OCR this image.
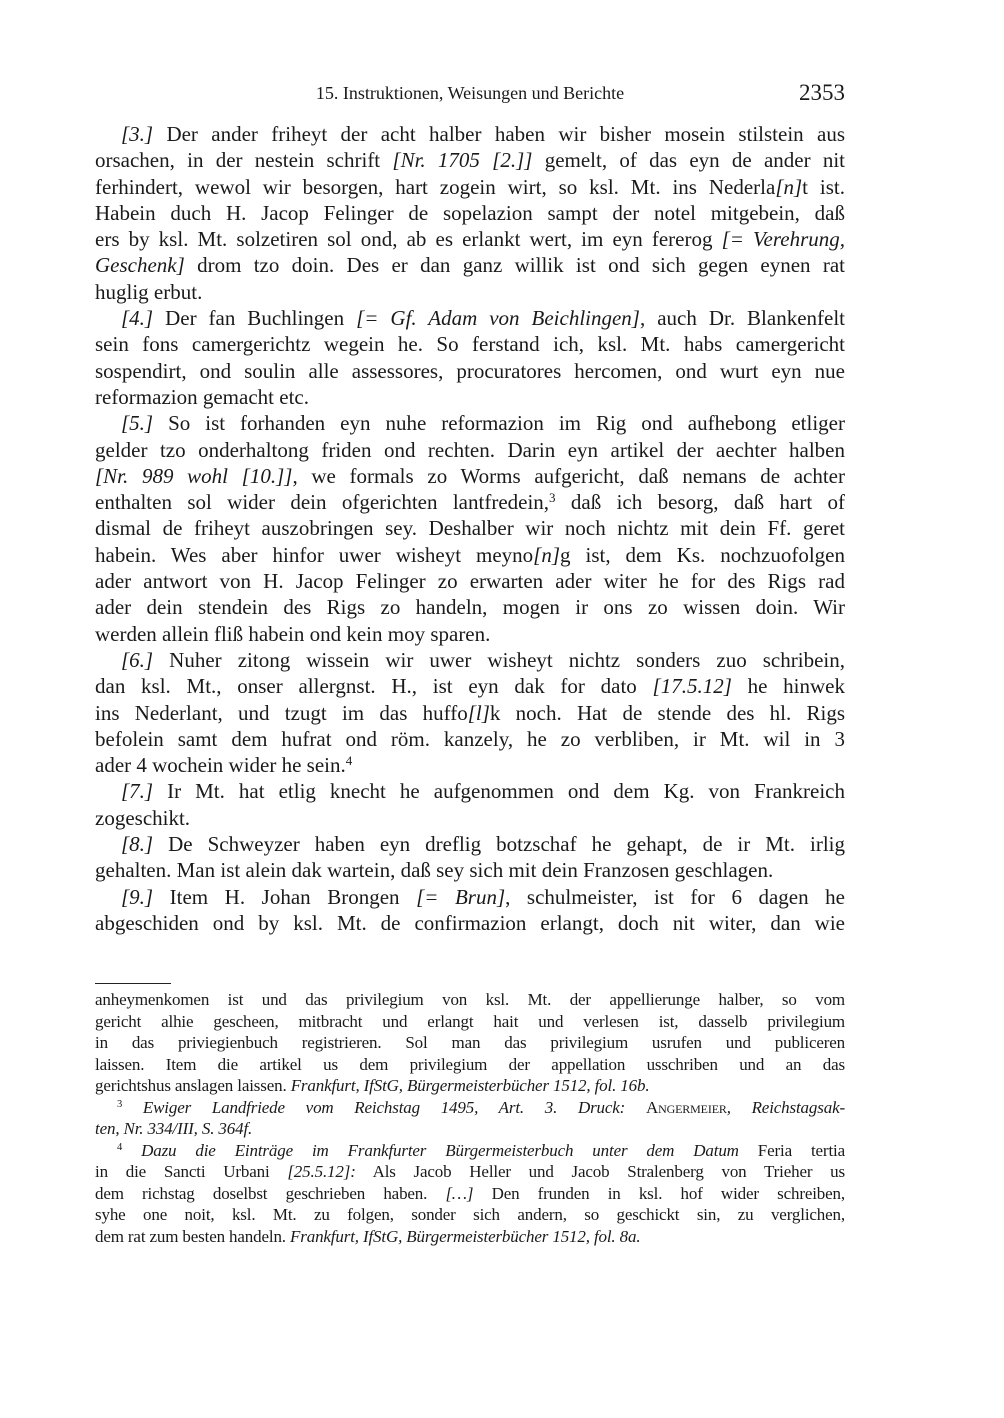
15. Instruktionen, Weisungen und Berichte	2353
[3.] Der ander friheyt der acht halber haben wir bisher mosein stilstein aus
orsachen, in der nestein schrift [Nr. 1705 [2.]] gemelt, of das eyn de ander nit
ferhindert, wewol wir besorgen, hart zogein wirt, so ksl. Mt. ins Nederla[n]t ist.
Habein duch H. Jacop Felinger de sopelazion sampt der notel mitgebein, daß
ers by ksl. Mt. solzetiren sol ond, ab es erlankt wert, im eyn fererog [= Verehrung,
Geschenk] drom tzo doin. Des er dan ganz willik ist ond sich gegen eynen rat
huglig erbut.
[4.] Der fan Buchlingen [= Gf. Adam von Beichlingen], auch Dr. Blankenfelt
sein fons camergerichtz wegein he. So ferstand ich, ksl. Mt. habs camergericht
sospendirt, ond soulin alle assessores, procuratores hercomen, ond wurt eyn nue
reformazion gemacht etc.
[5.] So ist forhanden eyn nuhe reformazion im Rig ond aufhebong etliger
gelder tzo onderhaltong friden ond rechten. Darin eyn artikel der aechter halben
[Nr. 989 wohl [10.]], we formals zo Worms aufgericht, daß nemans de achter
enthalten sol wider dein ofgerichten lantfredein,$^3$ daß ich besorg, daß hart of
dismal de friheyt auszobringen sey. Deshalber wir noch nichtz mit dein Ff. geret
habein. Wes aber hinfor uwer wisheyt meyno[n]g ist, dem Ks. nochzuofolgen
ader antwort von H. Jacop Felinger zo erwarten ader witer he for des Rigs rad
ader dein stendein des Rigs zo handeln, mogen ir ons zo wissen doin. Wir
werden allein fliß habein ond kein moy sparen.
[6.] Nuher zitong wissein wir uwer wisheyt nichtz sonders zuo schribein,
dan ksl. Mt., onser allergnst. H., ist eyn dak for dato [17.5.12] he hinwek
ins Nederlant, und tzugt im das huffo[l]k noch. Hat de stende des hl. Rigs
befolein samt dem hufrat ond röm. kanzely, he zo verbliben, ir Mt. wil in 3
ader 4 wochein wider he sein.$^4$
[7.] Ir Mt. hat etlig knecht he aufgenommen ond dem Kg. von Frankreich
zogeschikt.
[8.] De Schweyzer haben eyn dreflig botzschaf he gehapt, de ir Mt. irlig
gehalten. Man ist alein dak wartein, daß sey sich mit dein Franzosen geschlagen.
[9.] Item H. Johan Brongen [= Brun], schulmeister, ist for 6 dagen he
abgeschiden ond by ksl. Mt. de confirmazion erlangt, doch nit witer, dan wie
anheymenkomen ist und das privilegium von ksl. Mt. der appellierunge halber, so vom
gericht alhie gescheen, mitbracht und erlangt hait und verlesen ist, dasselb privilegium
in das priviegienbuch registrieren. Sol man das privilegium usrufen und publiceren
laissen. Item die artikel us dem privilegium der appellation usschriben und an das
gerichtshus anslagen laissen. Frankfurt, IfStG, Bürgermeisterbücher 1512, fol. 16b.
$^3$ Ewiger Landfriede vom Reichstag 1495, Art. 3. Druck: Angermeier, Reichstagsak-
ten, Nr. 334/III, S. 364f.
$^4$ Dazu die Einträge im Frankfurter Bürgermeisterbuch unter dem Datum Feria tertia
in die Sancti Urbani [25.5.12]: Als Jacob Heller und Jacob Stralenberg von Trieher us
dem richstag doselbst geschrieben haben. […] Den frunden in ksl. hof wider schreiben,
syhe one noit, ksl. Mt. zu folgen, sonder sich andern, so geschickt sin, zu verglichen,
dem rat zum besten handeln. Frankfurt, IfStG, Bürgermeisterbücher 1512, fol. 8a.
